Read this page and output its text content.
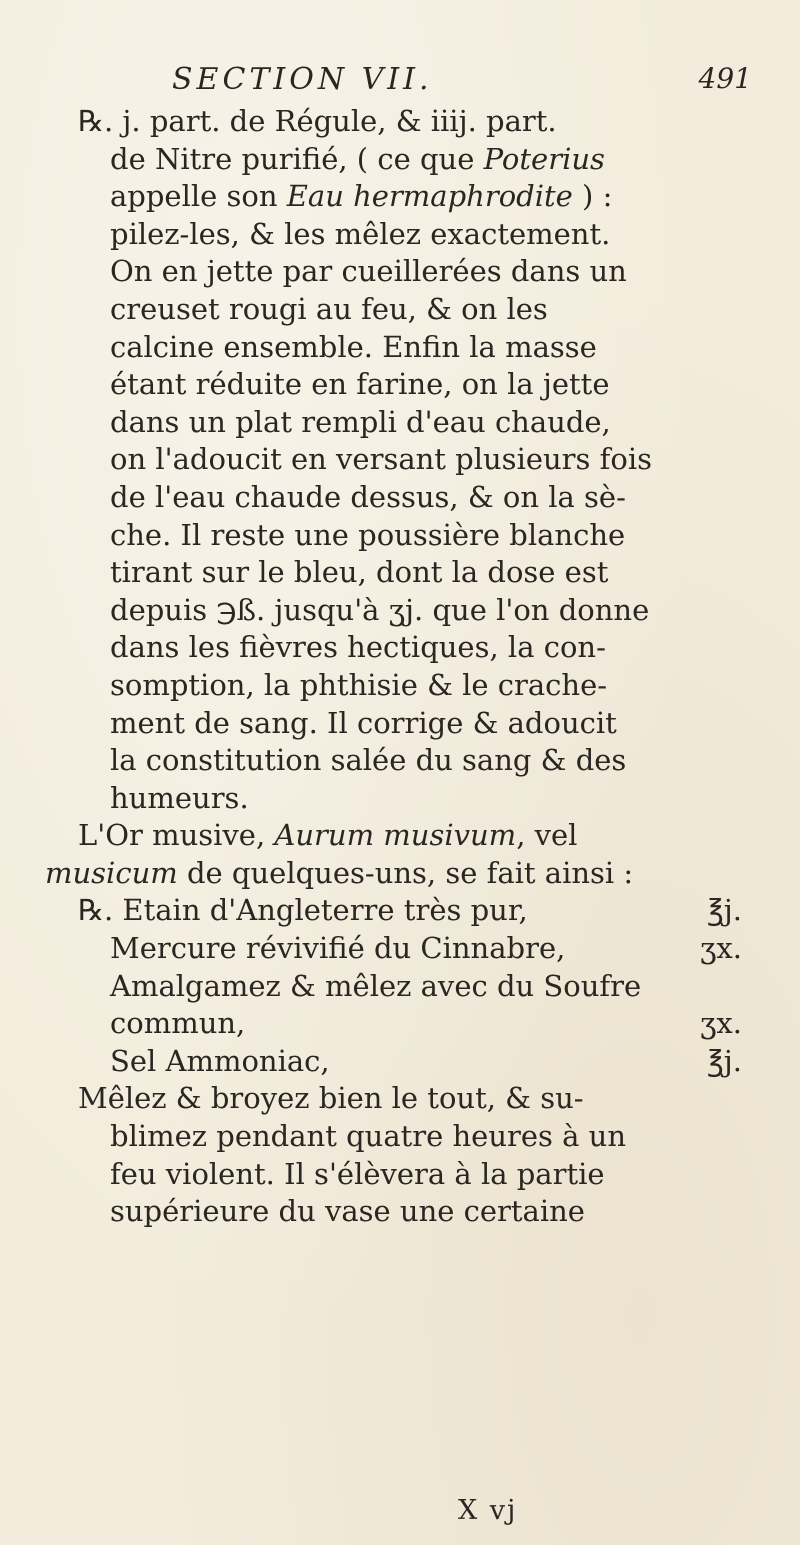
SECTION VII.	491
℞. j. part. de Régule, & iiij. part.
de Nitre purifié, ( ce que Poterius
appelle son Eau hermaphrodite ) :
pilez-les, & les mêlez exactement.
On en jette par cueillerées dans un
creuset rougi au feu, & on les
calcine ensemble. Enfin la masse
étant réduite en farine, on la jette
dans un plat rempli d'eau chaude,
on l'adoucit en versant plusieurs fois
de l'eau chaude dessus, & on la sè-
che. Il reste une poussière blanche
tirant sur le bleu, dont la dose est
depuis ℈ß. jusqu'à ʒj. que l'on donne
dans les fièvres hectiques, la con-
somption, la phthisie & le crache-
ment de sang. Il corrige & adoucit
la constitution salée du sang & des
humeurs.
L'Or musive, Aurum musivum, vel
musicum de quelques-uns, se fait ainsi :
℞. Etain d'Angleterre très pur,	℥j.
Mercure révivifié du Cinnabre,	ʒx.
Amalgamez & mêlez avec du Soufre
commun,	ʒx.
Sel Ammoniac,	℥j.
Mêlez & broyez bien le tout, & su-
blimez pendant quatre heures à un
feu violent. Il s'élèvera à la partie
supérieure du vase une certaine
X vj
